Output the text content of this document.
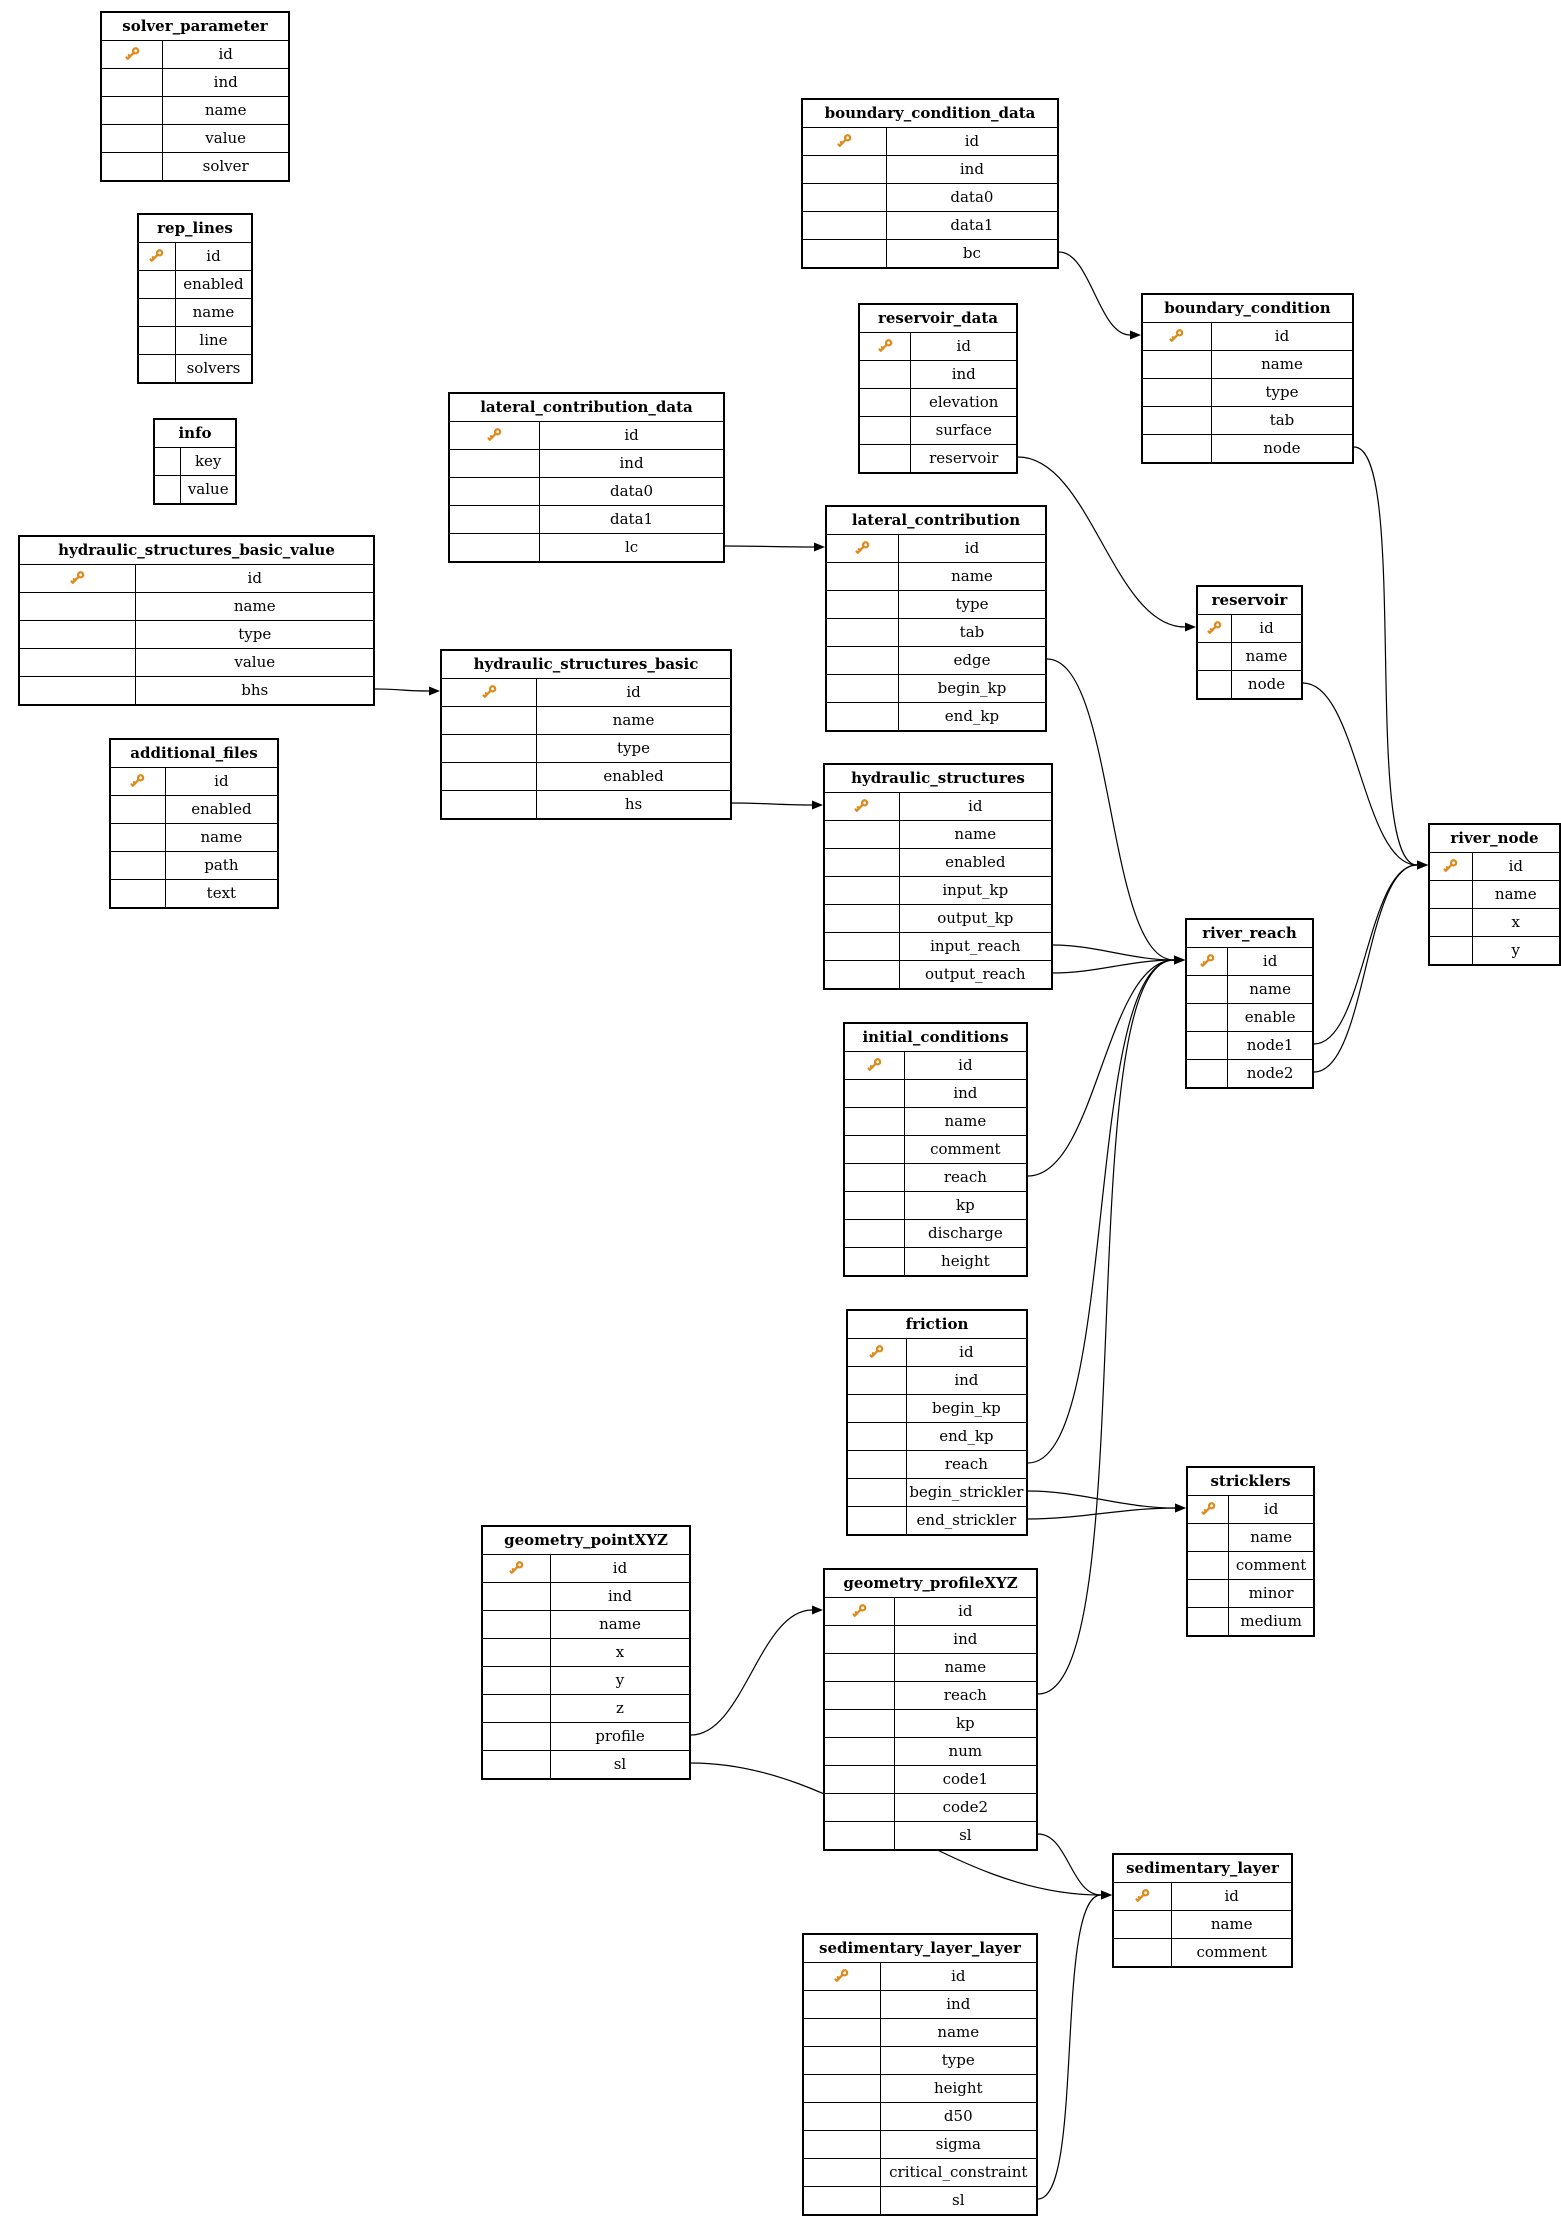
solver_parameter
id
ind
name
value
solver
rep_lines
id
enabled
name
line
solvers
info
key
value
hydraulic_structures_basic_value
id
name
type
value
bhs
additional_files
id
enabled
name
path
text
lateral_contribution_data
id
ind
data0
data1
lc
hydraulic_structures_basic
id
name
type
enabled
hs
boundary_condition_data
id
ind
data0
data1
bc
reservoir_data
id
ind
elevation
surface
reservoir
lateral_contribution
id
name
type
tab
edge
begin_kp
end_kp
hydraulic_structures
id
name
enabled
input_kp
output_kp
input_reach
output_reach
initial_conditions
id
ind
name
comment
reach
kp
discharge
height
friction
id
ind
begin_kp
end_kp
reach
begin_strickler
end_strickler
geometry_pointXYZ
id
ind
name
x
y
z
profile
sl
geometry_profileXYZ
id
ind
name
reach
kp
num
code1
code2
sl
boundary_condition
id
name
type
tab
node
reservoir
id
name
node
river_reach
id
name
enable
node1
node2
river_node
id
name
x
y
stricklers
id
name
comment
minor
medium
sedimentary_layer
id
name
comment
sedimentary_layer_layer
id
ind
name
type
height
d50
sigma
critical_constraint
sl
